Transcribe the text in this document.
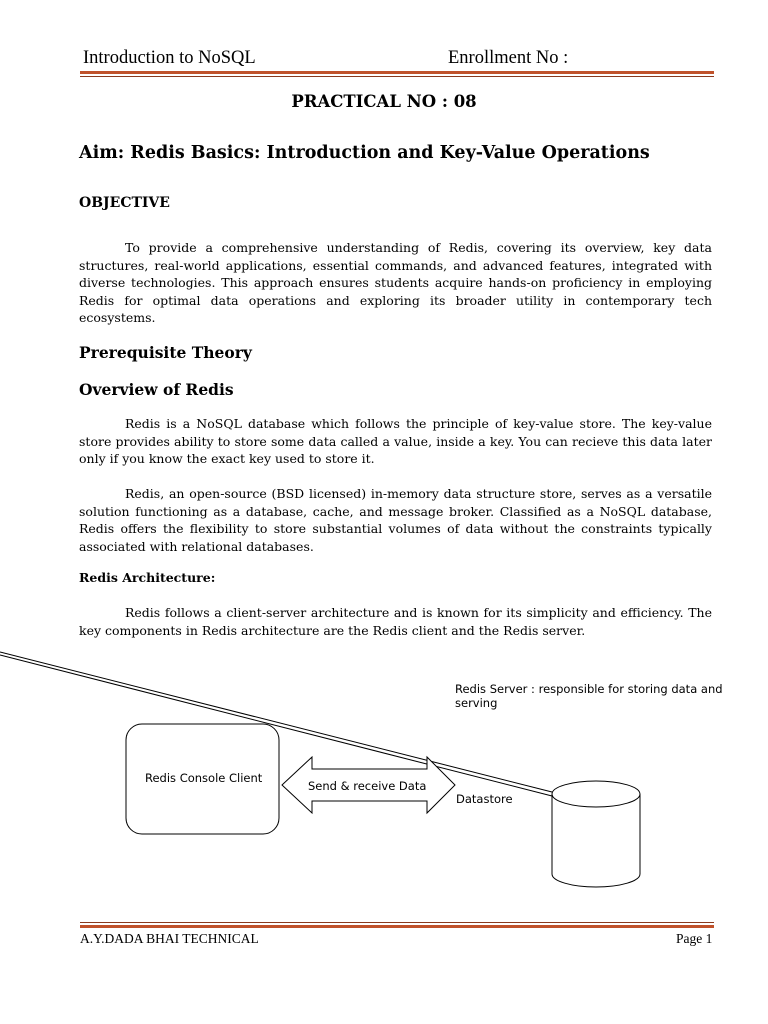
Introduction to NoSQL	Enrollment No :
PRACTICAL NO : 08
Aim: Redis Basics: Introduction and Key-Value Operations
OBJECTIVE
To provide a comprehensive understanding of Redis, covering its overview, key data structures, real-world applications, essential commands, and advanced features, integrated with diverse technologies. This approach ensures students acquire hands-on proficiency in employing Redis for optimal data operations and exploring its broader utility in contemporary tech ecosystems.
Prerequisite Theory
Overview of Redis
Redis is a NoSQL database which follows the principle of key-value store. The key-value store provides ability to store some data called a value, inside a key. You can recieve this data later only if you know the exact key used to store it.
Redis, an open-source (BSD licensed) in-memory data structure store, serves as a versatile solution functioning as a database, cache, and message broker. Classified as a NoSQL database, Redis offers the flexibility to store substantial volumes of data without the constraints typically associated with relational databases.
Redis Architecture:
Redis follows a client-server architecture and is known for its simplicity and efficiency. The key components in Redis architecture are the Redis client and the Redis server.
Redis Server : responsible for storing data and serving
Redis Console Client
Send & receive Data
Datastore
A.Y.DADA BHAI TECHNICAL	Page 1
